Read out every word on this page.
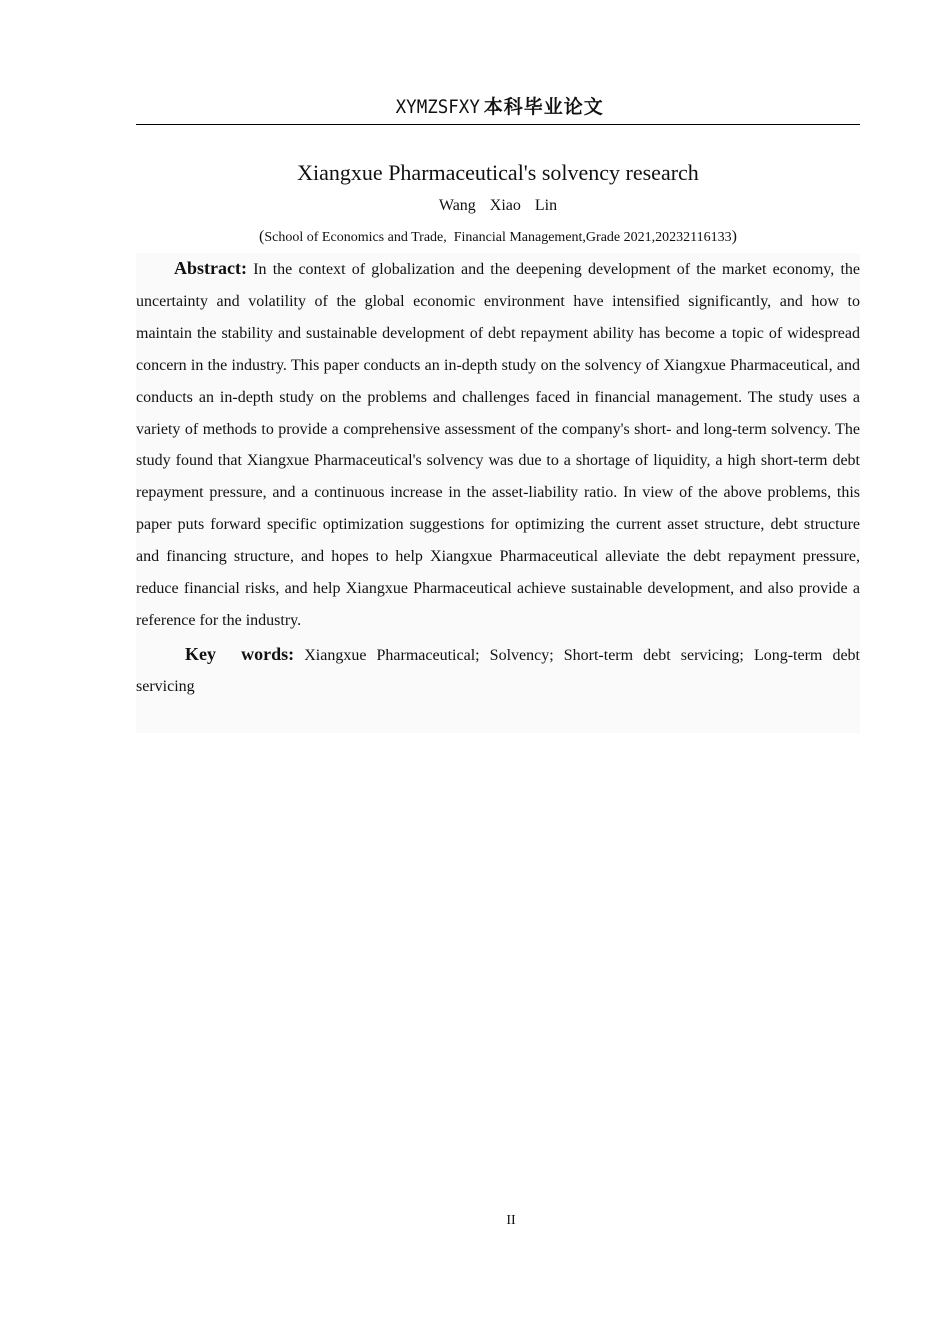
XYMZSFXY 本科毕业论文
Xiangxue Pharmaceutical's solvency research
Wang  Xiao  Lin
(School of Economics and Trade,  Financial Management,Grade 2021,20232116133)

Abstract: In the context of globalization and the deepening development of the market economy, the uncertainty and volatility of the global economic environment have intensified significantly, and how to maintain the stability and sustainable development of debt repayment ability has become a topic of widespread concern in the industry. This paper conducts an in-depth study on the solvency of Xiangxue Pharmaceutical, and conducts an in-depth study on the problems and challenges faced in financial management. The study uses a variety of methods to provide a comprehensive assessment of the company's short- and long-term solvency. The study found that Xiangxue Pharmaceutical's solvency was due to a shortage of liquidity, a high short-term debt repayment pressure, and a continuous increase in the asset-liability ratio. In view of the above problems, this paper puts forward specific optimization suggestions for optimizing the current asset structure, debt structure and financing structure, and hopes to help Xiangxue Pharmaceutical alleviate the debt repayment pressure, reduce financial risks, and help Xiangxue Pharmaceutical achieve sustainable development, and also provide a reference for the industry.

Key  words: Xiangxue Pharmaceutical; Solvency; Short-term debt servicing; Long-term debt servicing

II
